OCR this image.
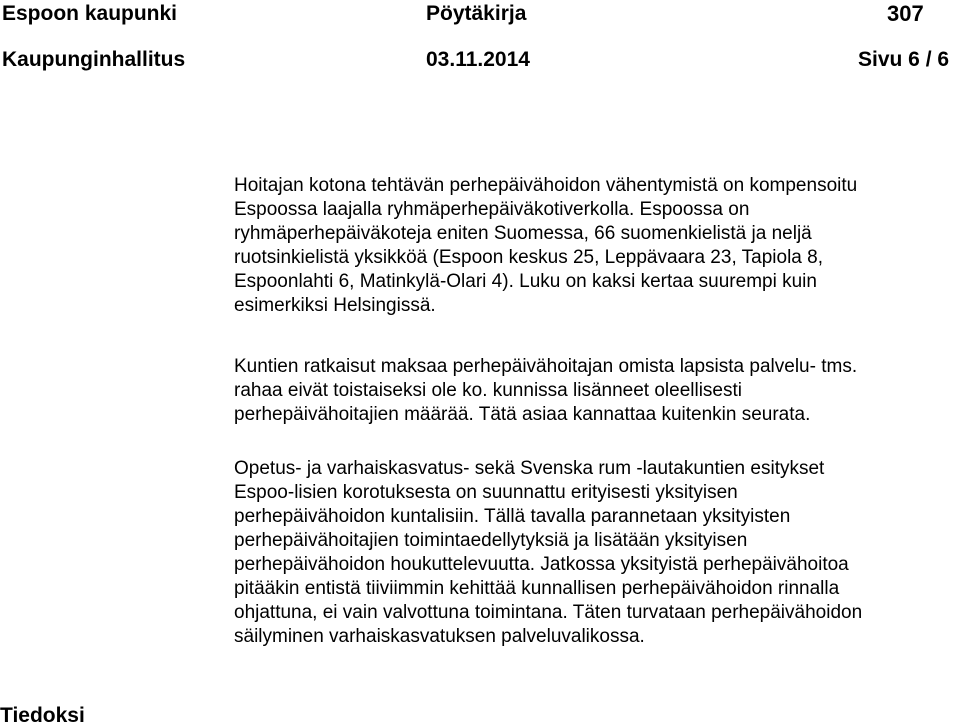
Espoon kaupunki	Pöytäkirja	307
Kaupunginhallitus	03.11.2014	Sivu 6 / 6
Hoitajan kotona tehtävän perhepäivähoidon vähentymistä on kompensoitu
Espoossa laajalla ryhmäperhepäiväkotiverkolla. Espoossa on
ryhmäperhepäiväkoteja eniten Suomessa, 66 suomenkielistä ja neljä
ruotsinkielistä yksikköä (Espoon keskus 25, Leppävaara 23, Tapiola 8,
Espoonlahti 6, Matinkylä-Olari 4). Luku on kaksi kertaa suurempi kuin
esimerkiksi Helsingissä.
Kuntien ratkaisut maksaa perhepäivähoitajan omista lapsista palvelu- tms.
rahaa eivät toistaiseksi ole ko. kunnissa lisänneet oleellisesti
perhepäivähoitajien määrää. Tätä asiaa kannattaa kuitenkin seurata.
Opetus- ja varhaiskasvatus- sekä Svenska rum -lautakuntien esitykset
Espoo-lisien korotuksesta on suunnattu erityisesti yksityisen
perhepäivähoidon kuntalisiin. Tällä tavalla parannetaan yksityisten
perhepäivähoitajien toimintaedellytyksiä ja lisätään yksityisen
perhepäivähoidon houkuttelevuutta. Jatkossa yksityistä perhepäivähoitoa
pitääkin entistä tiiviimmin kehittää kunnallisen perhepäivähoidon rinnalla
ohjattuna, ei vain valvottuna toimintana. Täten turvataan perhepäivähoidon
säilyminen varhaiskasvatuksen palveluvalikossa.
Tiedoksi
